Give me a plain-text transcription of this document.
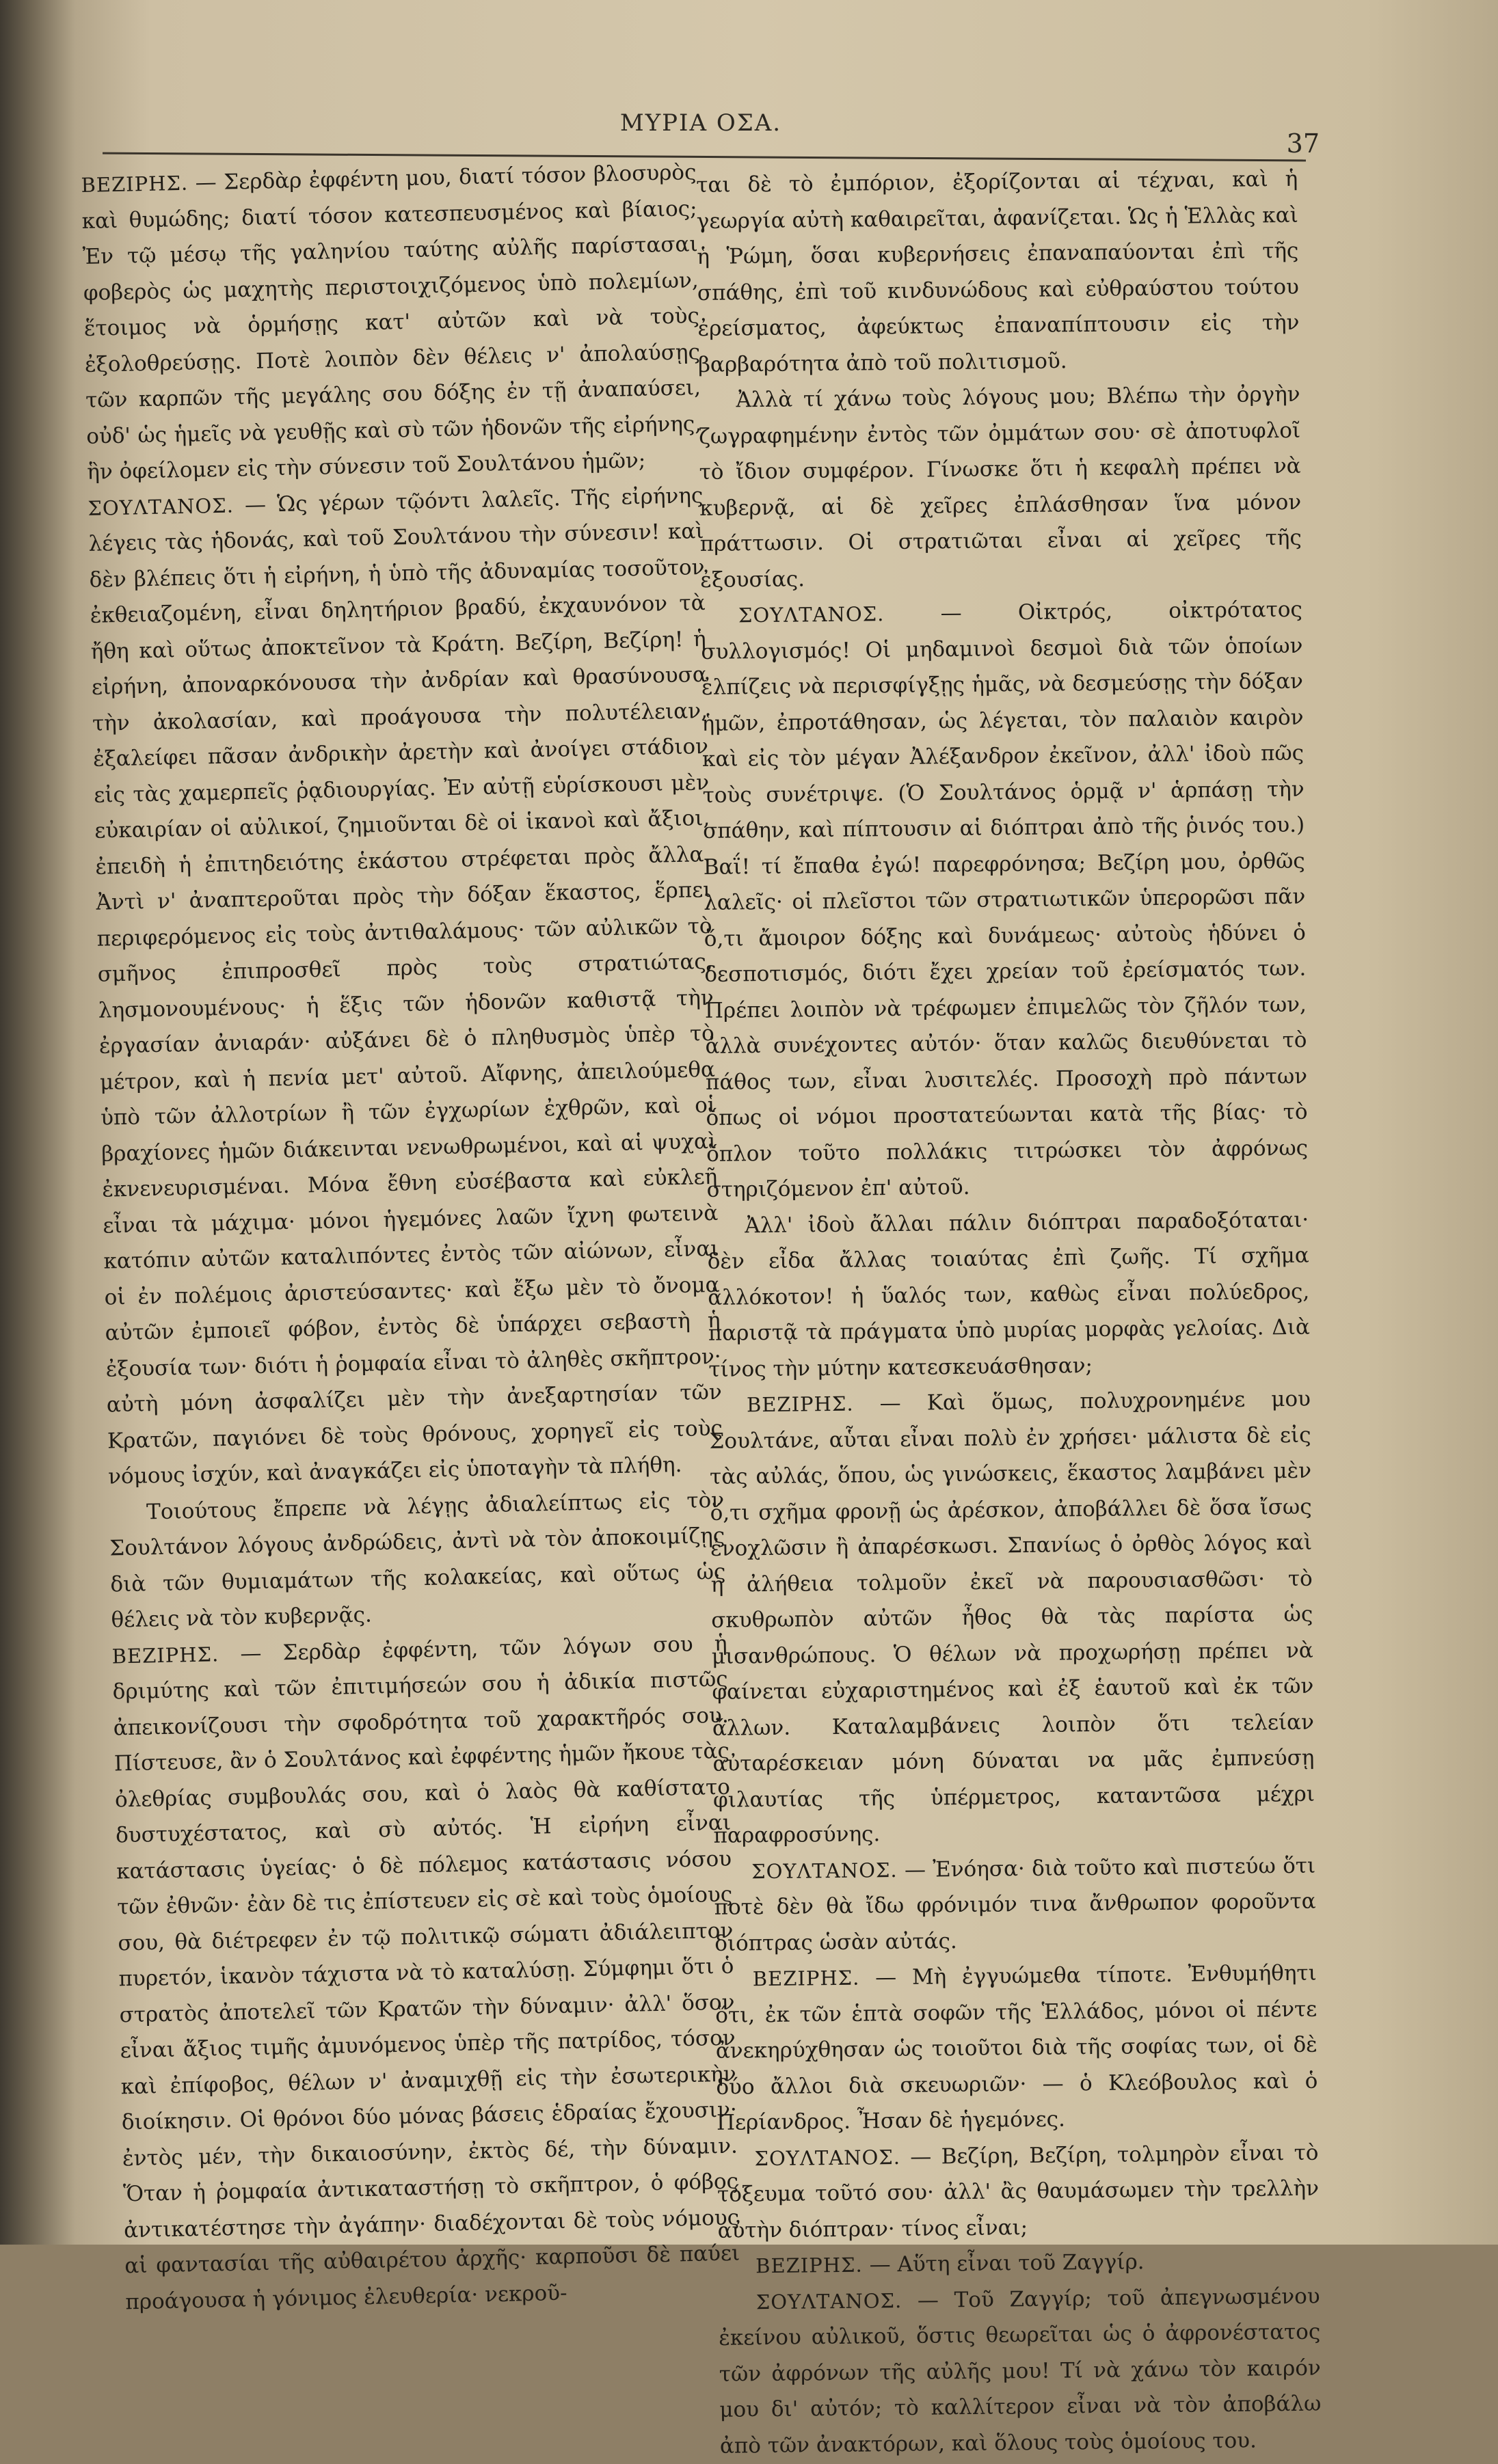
ΜΥΡΙΑ ΟΣΑ.
37

ΒΕΖΙΡΗΣ. — Σερδὰρ ἐφφέντη μου, διατί τόσον βλοσυρὸς καὶ θυμώδης; διατί τόσον κατεσπευσμένος καὶ βίαιος; Ἐν τῷ μέσῳ τῆς γαληνίου ταύτης αὐλῆς παρίστασαι φοβερὸς ὡς μαχητὴς περιστοιχιζόμενος ὑπὸ πολεμίων, ἕτοιμος νὰ ὁρμήσῃς κατ' αὐτῶν καὶ νὰ τοὺς ἐξολοθρεύσῃς. Ποτὲ λοιπὸν δὲν θέλεις ν' ἀπολαύσῃς τῶν καρπῶν τῆς μεγάλης σου δόξης ἐν τῇ ἀναπαύσει, οὐδ' ὡς ἡμεῖς νὰ γευθῇς καὶ σὺ τῶν ἡδονῶν τῆς εἰρήνης, ἣν ὀφείλομεν εἰς τὴν σύνεσιν τοῦ Σουλτάνου ἡμῶν;

ΣΟΥΛΤΑΝΟΣ. — Ὡς γέρων τῷόντι λαλεῖς. Τῆς εἰρήνης λέγεις τὰς ἡδονάς, καὶ τοῦ Σουλτάνου τὴν σύνεσιν! καὶ δὲν βλέπεις ὅτι ἡ εἰρήνη, ἡ ὑπὸ τῆς ἀδυναμίας τοσοῦτον ἐκθειαζομένη, εἶναι δηλητήριον βραδύ, ἐκχαυνόνον τὰ ἤθη καὶ οὕτως ἀποκτεῖνον τὰ Κράτη. Βεζίρη, Βεζίρη! ἡ εἰρήνη, ἀποναρκόνουσα τὴν ἀνδρίαν καὶ θρασύνουσα τὴν ἀκολασίαν, καὶ προάγουσα τὴν πολυτέλειαν, ἐξαλείφει πᾶσαν ἀνδρικὴν ἀρετὴν καὶ ἀνοίγει στάδιον εἰς τὰς χαμερπεῖς ῥᾳδιουργίας. Ἐν αὐτῇ εὑρίσκουσι μὲν εὐκαιρίαν οἱ αὐλικοί, ζημιοῦνται δὲ οἱ ἱκανοὶ καὶ ἄξιοι, ἐπειδὴ ἡ ἐπιτηδειότης ἑκάστου στρέφεται πρὸς ἄλλα. Ἀντὶ ν' ἀναπτεροῦται πρὸς τὴν δόξαν ἕκαστος, ἕρπει περιφερόμενος εἰς τοὺς ἀντιθαλάμους· τῶν αὐλικῶν τὸ σμῆνος ἐπιπροσθεῖ πρὸς τοὺς στρατιώτας, λησμονουμένους· ἡ ἕξις τῶν ἡδονῶν καθιστᾷ τὴν ἐργασίαν ἀνιαράν· αὐξάνει δὲ ὁ πληθυσμὸς ὑπὲρ τὸ μέτρον, καὶ ἡ πενία μετ' αὐτοῦ. Αἴφνης, ἀπειλούμεθα ὑπὸ τῶν ἀλλοτρίων ἢ τῶν ἐγχωρίων ἐχθρῶν, καὶ οἱ βραχίονες ἡμῶν διάκεινται νενωθρωμένοι, καὶ αἱ ψυχαὶ ἐκνενευρισμέναι. Μόνα ἔθνη εὐσέβαστα καὶ εὐκλεῆ εἶναι τὰ μάχιμα· μόνοι ἡγεμόνες λαῶν ἴχνη φωτεινὰ κατόπιν αὐτῶν καταλιπόντες ἐντὸς τῶν αἰώνων, εἶναι οἱ ἐν πολέμοις ἀριστεύσαντες· καὶ ἔξω μὲν τὸ ὄνομα αὐτῶν ἐμποιεῖ φόβον, ἐντὸς δὲ ὑπάρχει σεβαστὴ ἡ ἐξουσία των· διότι ἡ ῥομφαία εἶναι τὸ ἀληθὲς σκῆπτρον· αὐτὴ μόνη ἀσφαλίζει μὲν τὴν ἀνεξαρτησίαν τῶν Κρατῶν, παγιόνει δὲ τοὺς θρόνους, χορηγεῖ εἰς τοὺς νόμους ἰσχύν, καὶ ἀναγκάζει εἰς ὑποταγὴν τὰ πλήθη.

Τοιούτους ἔπρεπε νὰ λέγῃς ἀδιαλείπτως εἰς τὸν Σουλτάνον λόγους ἀνδρώδεις, ἀντὶ νὰ τὸν ἀποκοιμίζῃς διὰ τῶν θυμιαμάτων τῆς κολακείας, καὶ οὕτως ὡς θέλεις νὰ τὸν κυβερνᾷς.

ΒΕΖΙΡΗΣ. — Σερδὰρ ἐφφέντη, τῶν λόγων σου ἡ δριμύτης καὶ τῶν ἐπιτιμήσεών σου ἡ ἀδικία πιστῶς ἀπεικονίζουσι τὴν σφοδρότητα τοῦ χαρακτῆρός σου. Πίστευσε, ἂν ὁ Σουλτάνος καὶ ἐφφέντης ἡμῶν ἤκουε τὰς ὀλεθρίας συμβουλάς σου, καὶ ὁ λαὸς θὰ καθίστατο δυστυχέστατος, καὶ σὺ αὐτός. Ἡ εἰρήνη εἶναι κατάστασις ὑγείας· ὁ δὲ πόλεμος κατάστασις νόσου τῶν ἐθνῶν· ἐὰν δὲ τις ἐπίστευεν εἰς σὲ καὶ τοὺς ὁμοίους σου, θὰ διέτρεφεν ἐν τῷ πολιτικῷ σώματι ἀδιάλειπτον πυρετόν, ἱκανὸν τάχιστα νὰ τὸ καταλύσῃ. Σύμφημι ὅτι ὁ στρατὸς ἀποτελεῖ τῶν Κρατῶν τὴν δύναμιν· ἀλλ' ὅσον εἶναι ἄξιος τιμῆς ἀμυνόμενος ὑπὲρ τῆς πατρίδος, τόσον καὶ ἐπίφοβος, θέλων ν' ἀναμιχθῇ εἰς τὴν ἐσωτερικὴν διοίκησιν. Οἱ θρόνοι δύο μόνας βάσεις ἑδραίας ἔχουσιν· ἐντὸς μέν, τὴν δικαιοσύνην, ἐκτὸς δέ, τὴν δύναμιν. Ὅταν ἡ ῥομφαία ἀντικαταστήσῃ τὸ σκῆπτρον, ὁ φόβος ἀντικατέστησε τὴν ἀγάπην· διαδέχονται δὲ τοὺς νόμους αἱ φαντασίαι τῆς αὐθαιρέτου ἀρχῆς· καρποῦσι δὲ παύει προάγουσα ἡ γόνιμος ἐλευθερία· νεκροῦ-

ται δὲ τὸ ἐμπόριον, ἐξορίζονται αἱ τέχναι, καὶ ἡ γεωργία αὐτὴ καθαιρεῖται, ἀφανίζεται. Ὡς ἡ Ἑλλὰς καὶ ἡ Ῥώμη, ὅσαι κυβερνήσεις ἐπαναπαύονται ἐπὶ τῆς σπάθης, ἐπὶ τοῦ κινδυνώδους καὶ εὐθραύστου τούτου ἐρείσματος, ἀφεύκτως ἐπαναπίπτουσιν εἰς τὴν βαρβαρότητα ἀπὸ τοῦ πολιτισμοῦ.

Ἀλλὰ τί χάνω τοὺς λόγους μου; Βλέπω τὴν ὀργὴν ζωγραφημένην ἐντὸς τῶν ὀμμάτων σου· σὲ ἀποτυφλοῖ τὸ ἴδιον συμφέρον. Γίνωσκε ὅτι ἡ κεφαλὴ πρέπει νὰ κυβερνᾷ, αἱ δὲ χεῖρες ἐπλάσθησαν ἵνα μόνον πράττωσιν. Οἱ στρατιῶται εἶναι αἱ χεῖρες τῆς ἐξουσίας.

ΣΟΥΛΤΑΝΟΣ. — Οἰκτρός, οἰκτρότατος συλλογισμός! Οἱ μηδαμινοὶ δεσμοὶ διὰ τῶν ὁποίων ἐλπίζεις νὰ περισφίγξῃς ἡμᾶς, νὰ δεσμεύσῃς τὴν δόξαν ἡμῶν, ἐπροτάθησαν, ὡς λέγεται, τὸν παλαιὸν καιρὸν καὶ εἰς τὸν μέγαν Ἀλέξανδρον ἐκεῖνον, ἀλλ' ἰδοὺ πῶς τοὺς συνέτριψε. (Ὁ Σουλτάνος ὁρμᾷ ν' ἁρπάσῃ τὴν σπάθην, καὶ πίπτουσιν αἱ διόπτραι ἀπὸ τῆς ῥινός του.) Βαΐ! τί ἔπαθα ἐγώ! παρεφρόνησα; Βεζίρη μου, ὀρθῶς λαλεῖς· οἱ πλεῖστοι τῶν στρατιωτικῶν ὑπερορῶσι πᾶν ὅ,τι ἄμοιρον δόξης καὶ δυνάμεως· αὐτοὺς ἡδύνει ὁ δεσποτισμός, διότι ἔχει χρείαν τοῦ ἐρείσματός των. Πρέπει λοιπὸν νὰ τρέφωμεν ἐπιμελῶς τὸν ζῆλόν των, ἀλλὰ συνέχοντες αὐτόν· ὅταν καλῶς διευθύνεται τὸ πάθος των, εἶναι λυσιτελές. Προσοχὴ πρὸ πάντων ὅπως οἱ νόμοι προστατεύωνται κατὰ τῆς βίας· τὸ ὅπλον τοῦτο πολλάκις τιτρώσκει τὸν ἀφρόνως στηριζόμενον ἐπ' αὐτοῦ.

Ἀλλ' ἰδοὺ ἄλλαι πάλιν διόπτραι παραδοξόταται· δὲν εἶδα ἄλλας τοιαύτας ἐπὶ ζωῆς. Τί σχῆμα ἀλλόκοτον! ἡ ὕαλός των, καθὼς εἶναι πολύεδρος, παριστᾷ τὰ πράγματα ὑπὸ μυρίας μορφὰς γελοίας. Διὰ τίνος τὴν μύτην κατεσκευάσθησαν;

ΒΕΖΙΡΗΣ. — Καὶ ὅμως, πολυχρονημένε μου Σουλτάνε, αὗται εἶναι πολὺ ἐν χρήσει· μάλιστα δὲ εἰς τὰς αὐλάς, ὅπου, ὡς γινώσκεις, ἕκαστος λαμβάνει μὲν ὅ,τι σχῆμα φρονῇ ὡς ἀρέσκον, ἀποβάλλει δὲ ὅσα ἴσως ἐνοχλῶσιν ἢ ἀπαρέσκωσι. Σπανίως ὁ ὀρθὸς λόγος καὶ ἡ ἀλήθεια τολμοῦν ἐκεῖ νὰ παρουσιασθῶσι· τὸ σκυθρωπὸν αὐτῶν ἦθος θὰ τὰς παρίστα ὡς μισανθρώπους. Ὁ θέλων νὰ προχωρήσῃ πρέπει νὰ φαίνεται εὐχαριστημένος καὶ ἐξ ἑαυτοῦ καὶ ἐκ τῶν ἄλλων. Καταλαμβάνεις λοιπὸν ὅτι τελείαν αὐταρέσκειαν μόνη δύναται να μᾶς ἐμπνεύσῃ φιλαυτίας τῆς ὑπέρμετρος, καταντῶσα μέχρι παραφροσύνης.

ΣΟΥΛΤΑΝΟΣ. — Ἐνόησα· διὰ τοῦτο καὶ πιστεύω ὅτι ποτὲ δὲν θὰ ἴδω φρόνιμόν τινα ἄνθρωπον φοροῦντα διόπτρας ὡσὰν αὐτάς.

ΒΕΖΙΡΗΣ. — Μὴ ἐγγυώμεθα τίποτε. Ἐνθυμήθητι ὅτι, ἐκ τῶν ἑπτὰ σοφῶν τῆς Ἑλλάδος, μόνοι οἱ πέντε ἀνεκηρύχθησαν ὡς τοιοῦτοι διὰ τῆς σοφίας των, οἱ δὲ δύο ἄλλοι διὰ σκευωριῶν· — ὁ Κλεόβουλος καὶ ὁ Περίανδρος. Ἦσαν δὲ ἡγεμόνες.

ΣΟΥΛΤΑΝΟΣ. — Βεζίρη, Βεζίρη, τολμηρὸν εἶναι τὸ τόξευμα τοῦτό σου· ἀλλ' ἂς θαυμάσωμεν τὴν τρελλὴν αὐτὴν διόπτραν· τίνος εἶναι;

ΒΕΖΙΡΗΣ. — Αὕτη εἶναι τοῦ Ζαγγίρ.

ΣΟΥΛΤΑΝΟΣ. — Τοῦ Ζαγγίρ; τοῦ ἀπεγνωσμένου ἐκείνου αὐλικοῦ, ὅστις θεωρεῖται ὡς ὁ ἀφρονέστατος τῶν ἀφρόνων τῆς αὐλῆς μου! Τί νὰ χάνω τὸν καιρόν μου δι' αὐτόν; τὸ καλλίτερον εἶναι νὰ τὸν ἀποβάλω ἀπὸ τῶν ἀνακτόρων, καὶ ὅλους τοὺς ὁμοίους του.
